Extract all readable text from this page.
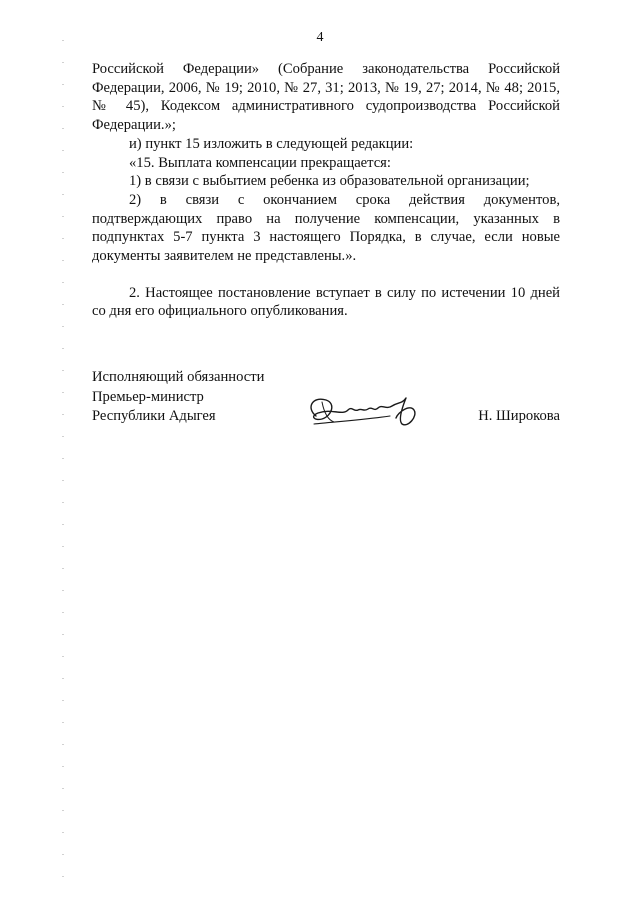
4

Российской Федерации» (Собрание законодательства Российской Федерации, 2006, № 19; 2010, № 27, 31; 2013, № 19, 27; 2014, № 48; 2015, № 45), Кодексом административного судопроизводства Российской Федерации.»;

и) пункт 15 изложить в следующей редакции:

«15. Выплата компенсации прекращается:

1) в связи с выбытием ребенка из образовательной организации;

2) в связи с окончанием срока действия документов, подтверждающих право на получение компенсации, указанных в подпунктах 5-7 пункта 3 настоящего Порядка, в случае, если новые документы заявителем не представлены.».

2. Настоящее постановление вступает в силу по истечении 10 дней со дня его официального опубликования.

Исполняющий обязанности
Премьер-министр
Республики Адыгея	Н. Широкова
